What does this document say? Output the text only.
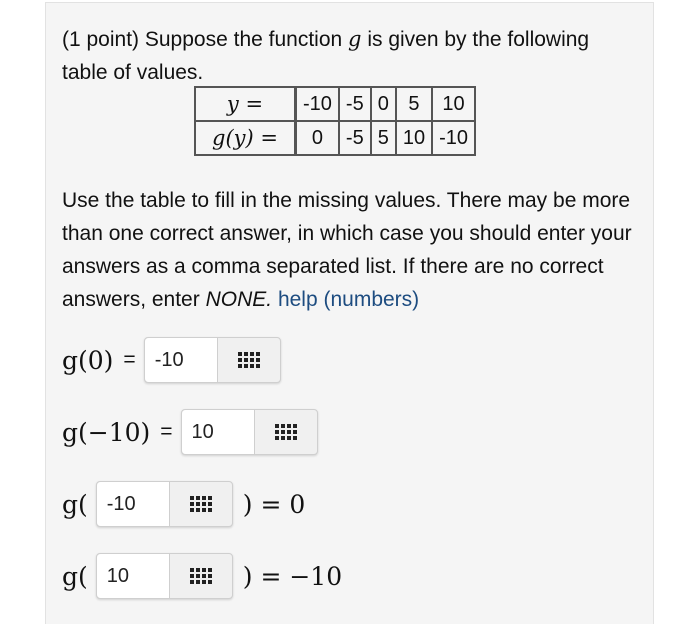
(1 point) Suppose the function g is given by the following table of values.
y =	-10	-5	0	5	10
g(y) =	0	-5	5	10	-10
Use the table to fill in the missing values. There may be more than one correct answer, in which case you should enter your answers as a comma separated list. If there are no correct answers, enter NONE. help (numbers)
g(0) =
-10
g(−10) =
10
g(
-10	) = 0
g(
10	) = −10
